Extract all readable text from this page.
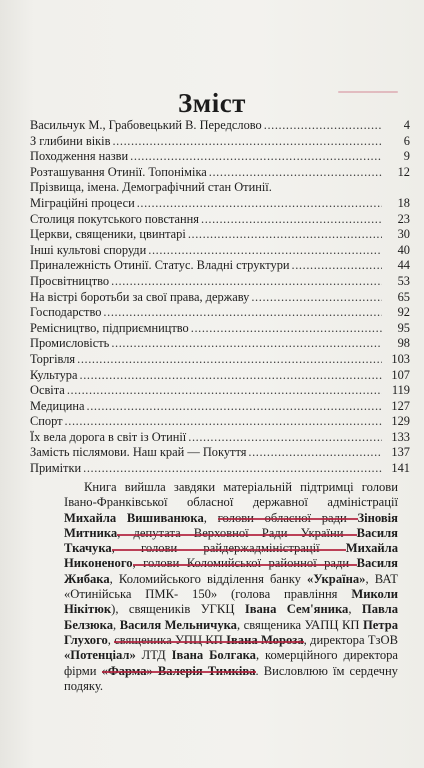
Зміст
Васильчук М., Грабовецький В. Передслово .....	4
З глибини віків .....	6
Походження назви .....	9
Розташування Отинії. Топоніміка .....	12
Прізвища, імена. Демографічний стан Отинії.
Міграційні процеси .....	18
Столиця покутського повстання .....	23
Церкви, священики, цвинтарі .....	30
Інші культові споруди .....	40
Приналежність Отинії. Статус. Владні структури .....	44
Просвітництво .....	53
На вістрі боротьби за свої права, державу .....	65
Господарство .....	92
Ремісництво, підприємництво .....	95
Промисловість .....	98
Торгівля .....	103
Культура .....	107
Освіта .....	119
Медицина .....	127
Спорт .....	129
Їх вела дорога в світ із Отинії .....	133
Замість післямови. Наш край — Покуття .....	137
Примітки .....	141

Книга вийшла завдяки матеріальній підтримці голови Івано-Франківської обласної державної адміністрації Михайла Вишиванюка, голови обласної ради Зіновія Митника, депутата Верховної Ради України Василя Ткачука, голови райдержадміністрації Михайла Никоненого, голови Коломийської районної ради Василя Жибака, Коломийського відділення банку «Україна», ВАТ «Отинійська ПМК- 150» (голова правління Миколи Нікітюк), священиків УГКЦ Івана Сем'яника, Павла Белзюка, Василя Мельничука, священика УАПЦ КП Петра Глухого, священика УПЦ КП Івана Мороза, директора ТзОВ «Потенціал» ЛТД Івана Болгака, комерційного директора фірми «Фарма» Валерія Тимківа. Висловлюю їм сердечну подяку.
